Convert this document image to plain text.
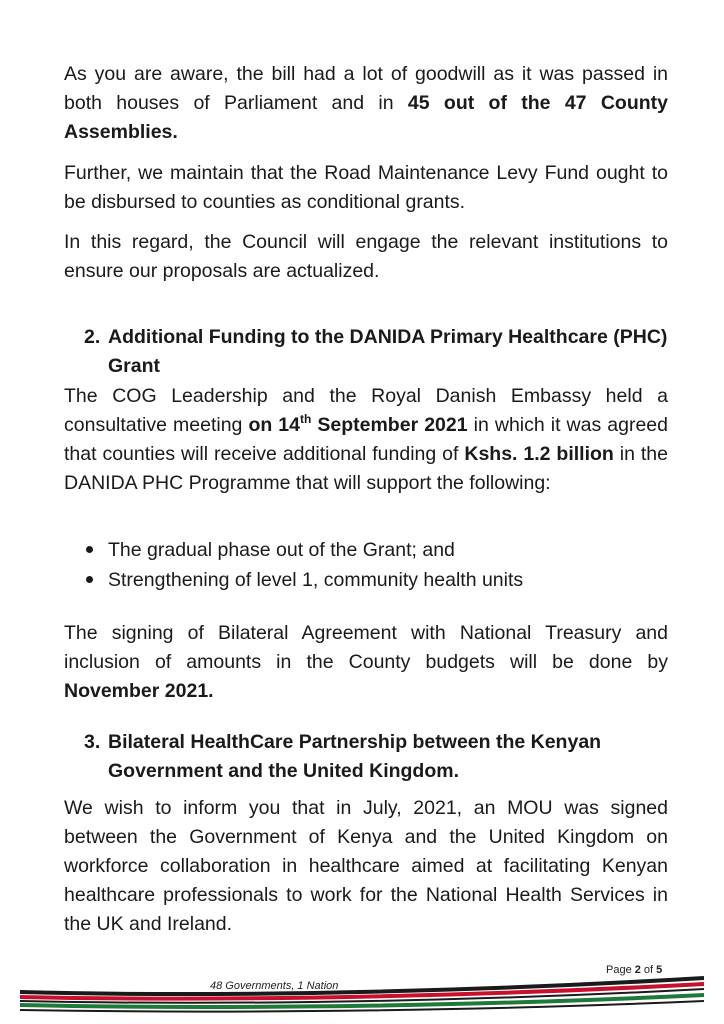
As you are aware, the bill had a lot of goodwill as it was passed in both houses of Parliament and in 45 out of the 47 County Assemblies.

Further, we maintain that the Road Maintenance Levy Fund ought to be disbursed to counties as conditional grants.

In this regard, the Council will engage the relevant institutions to ensure our proposals are actualized.

2. Additional Funding to the DANIDA Primary Healthcare (PHC)
Grant

The COG Leadership and the Royal Danish Embassy held a consultative meeting on 14th September 2021 in which it was agreed that counties will receive additional funding of Kshs. 1.2 billion in the DANIDA PHC Programme that will support the following:

The gradual phase out of the Grant; and
Strengthening of level 1, community health units

The signing of Bilateral Agreement with National Treasury and inclusion of amounts in the County budgets will be done by November 2021.

3. Bilateral HealthCare Partnership between the Kenyan
Government and the United Kingdom.

We wish to inform you that in July, 2021, an MOU was signed between the Government of Kenya and the United Kingdom on workforce collaboration in healthcare aimed at facilitating Kenyan healthcare professionals to work for the National Health Services in the UK and Ireland.

Page 2 of 5
48 Governments, 1 Nation
